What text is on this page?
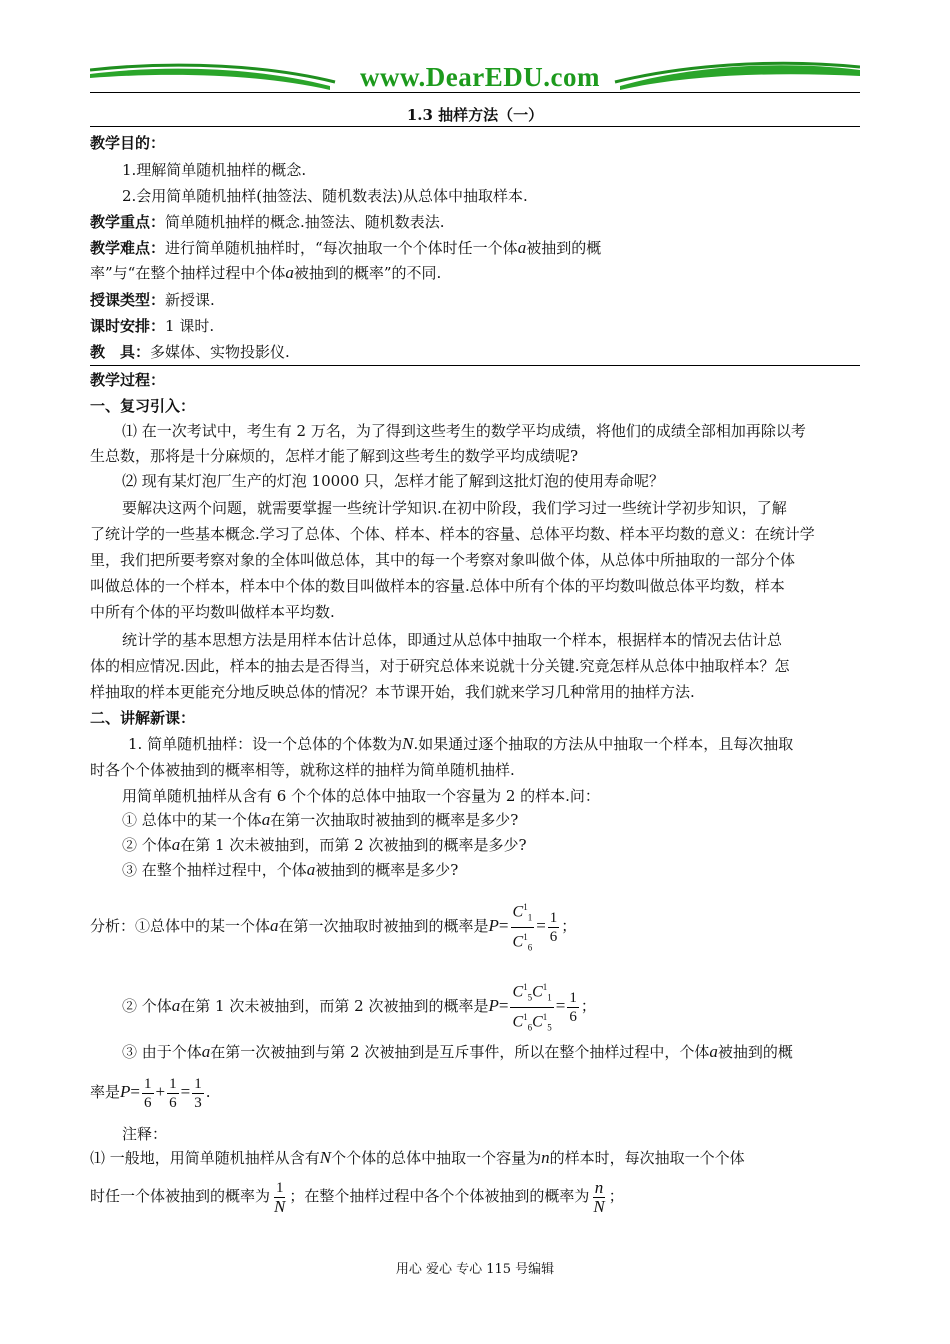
www.DearEDU.com
1.3 抽样方法（一）
教学目的：
1.理解简单随机抽样的概念.
2.会用简单随机抽样(抽签法、随机数表法)从总体中抽取样本.
教学重点：简单随机抽样的概念.抽签法、随机数表法.
教学难点：进行简单随机抽样时，“每次抽取一个个体时任一个体a被抽到的概
率”与“在整个抽样过程中个体a被抽到的概率”的不同.
授课类型：新授课.
课时安排：1 课时.
教　具：多媒体、实物投影仪.
教学过程：
一、复习引入：
⑴ 在一次考试中，考生有 2 万名，为了得到这些考生的数学平均成绩，将他们的成绩全部相加再除以考
生总数，那将是十分麻烦的，怎样才能了解到这些考生的数学平均成绩呢?
⑵ 现有某灯泡厂生产的灯泡 10000 只，怎样才能了解到这批灯泡的使用寿命呢？
要解决这两个问题，就需要掌握一些统计学知识.在初中阶段，我们学习过一些统计学初步知识，了解
了统计学的一些基本概念.学习了总体、个体、样本、样本的容量、总体平均数、样本平均数的意义：在统计学
里，我们把所要考察对象的全体叫做总体，其中的每一个考察对象叫做个体，从总体中所抽取的一部分个体
叫做总体的一个样本，样本中个体的数目叫做样本的容量.总体中所有个体的平均数叫做总体平均数，样本
中所有个体的平均数叫做样本平均数.
统计学的基本思想方法是用样本估计总体，即通过从总体中抽取一个样本，根据样本的情况去估计总
体的相应情况.因此，样本的抽去是否得当，对于研究总体来说就十分关键.究竟怎样从总体中抽取样本？怎
样抽取的样本更能充分地反映总体的情况？本节课开始，我们就来学习几种常用的抽样方法.
二、讲解新课：
1. 简单随机抽样：设一个总体的个体数为N.如果通过逐个抽取的方法从中抽取一个样本，且每次抽取
时各个个体被抽到的概率相等，就称这样的抽样为简单随机抽样.
用简单随机抽样从含有 6 个个体的总体中抽取一个容量为 2 的样本.问：
① 总体中的某一个体a在第一次抽取时被抽到的概率是多少?
② 个体a在第 1 次未被抽到，而第 2 次被抽到的概率是多少?
③ 在整个抽样过程中，个体a被抽到的概率是多少?
分析：①总体中的某一个体a在第一次抽取时被抽到的概率是$P= \frac{C^1_1}{C^1_6} = \frac{1}{6}$ ；
② 个体a在第 1 次未被抽到，而第 2 次被抽到的概率是$P= \frac{C^1_5C^1_1}{C^1_6C^1_5} = \frac{1}{6}$ ；
③ 由于个体a在第一次被抽到与第 2 次被抽到是互斥事件，所以在整个抽样过程中，个体a被抽到的概
率是$P= \frac{1}{6} + \frac{1}{6} = \frac{1}{3}$ .
注释：
⑴ 一般地，用简单随机抽样从含有N个个体的总体中抽取一个容量为n的样本时，每次抽取一个个体
时任一个体被抽到的概率为 $\frac{1}{N}$ ；在整个抽样过程中各个个体被抽到的概率为 $\frac{n}{N}$ ；
用心 爱心 专心 115 号编辑
